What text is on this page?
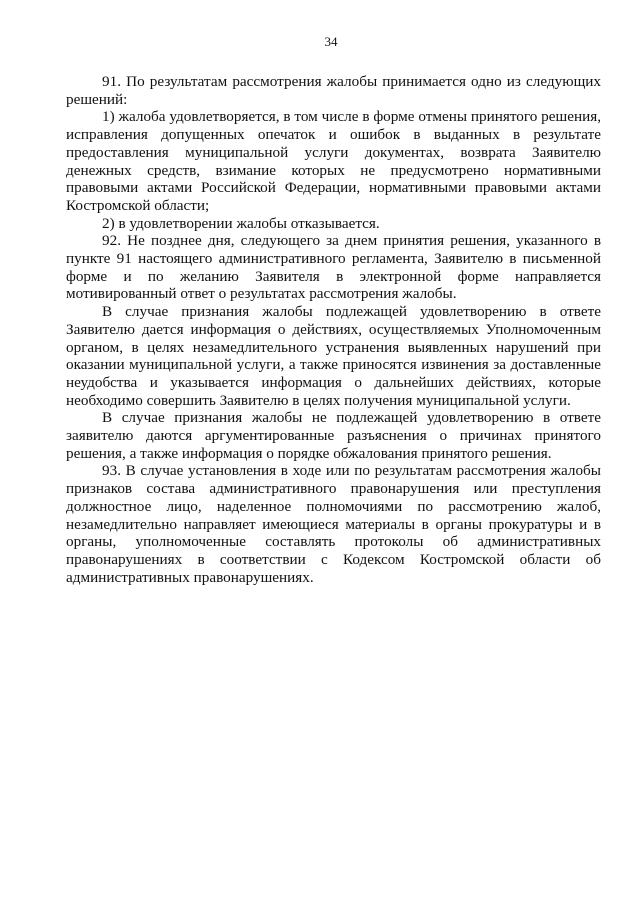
34

91. По результатам рассмотрения жалобы принимается одно из следующих решений:

1) жалоба удовлетворяется, в том числе в форме отмены принятого решения, исправления допущенных опечаток и ошибок в выданных в результате предоставления муниципальной услуги документах, возврата Заявителю денежных средств, взимание которых не предусмотрено нормативными правовыми актами Российской Федерации, нормативными правовыми актами Костромской области;

2) в удовлетворении жалобы отказывается.

92. Не позднее дня, следующего за днем принятия решения, указанного в пункте 91 настоящего административного регламента, Заявителю в письменной форме и по желанию Заявителя в электронной форме направляется мотивированный ответ о результатах рассмотрения жалобы.

В случае признания жалобы подлежащей удовлетворению в ответе Заявителю дается информация о действиях, осуществляемых Уполномоченным органом, в целях незамедлительного устранения выявленных нарушений при оказании муниципальной услуги, а также приносятся извинения за доставленные неудобства и указывается информация о дальнейших действиях, которые необходимо совершить Заявителю в целях получения муниципальной услуги.

В случае признания жалобы не подлежащей удовлетворению в ответе заявителю даются аргументированные разъяснения о причинах принятого решения, а также информация о порядке обжалования принятого решения.

93. В случае установления в ходе или по результатам рассмотрения жалобы признаков состава административного правонарушения или преступления должностное лицо, наделенное полномочиями по рассмотрению жалоб, незамедлительно направляет имеющиеся материалы в органы прокуратуры и в органы, уполномоченные составлять протоколы об административных правонарушениях в соответствии с Кодексом Костромской области об административных правонарушениях.
